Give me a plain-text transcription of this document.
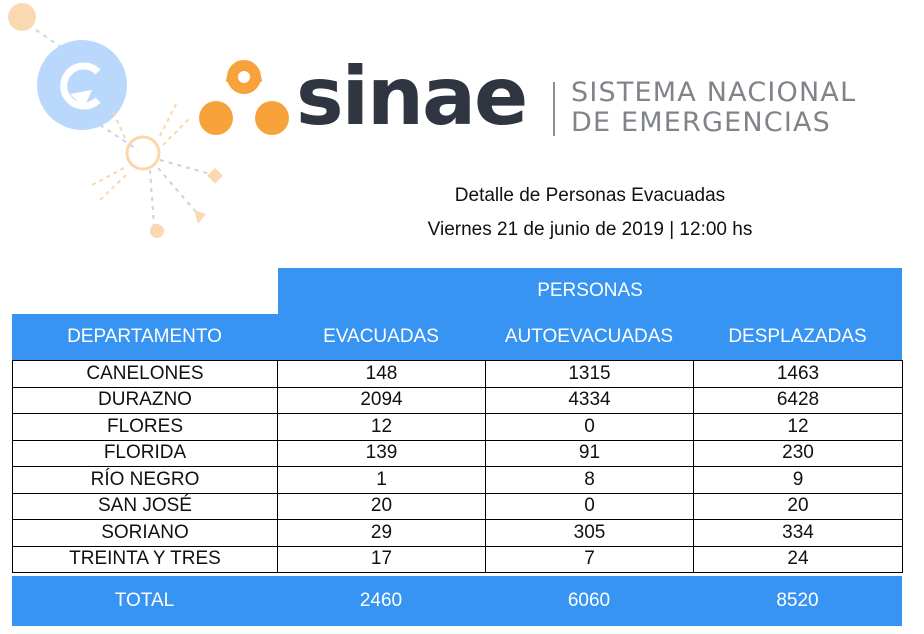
sinae SISTEMA NACIONAL
DE EMERGENCIAS
Detalle de Personas Evacuadas
Viernes 21 de junio de 2019 | 12:00 hs
PERSONAS
DEPARTAMENTO	EVACUADAS	AUTOEVACUADAS	DESPLAZADAS
CANELONES	148	1315	1463
DURAZNO	2094	4334	6428
FLORES	12	0	12
FLORIDA	139	91	230
RÍO NEGRO	1	8	9
SAN JOSÉ	20	0	20
SORIANO	29	305	334
TREINTA Y TRES	17	7	24
TOTAL	2460	6060	8520
